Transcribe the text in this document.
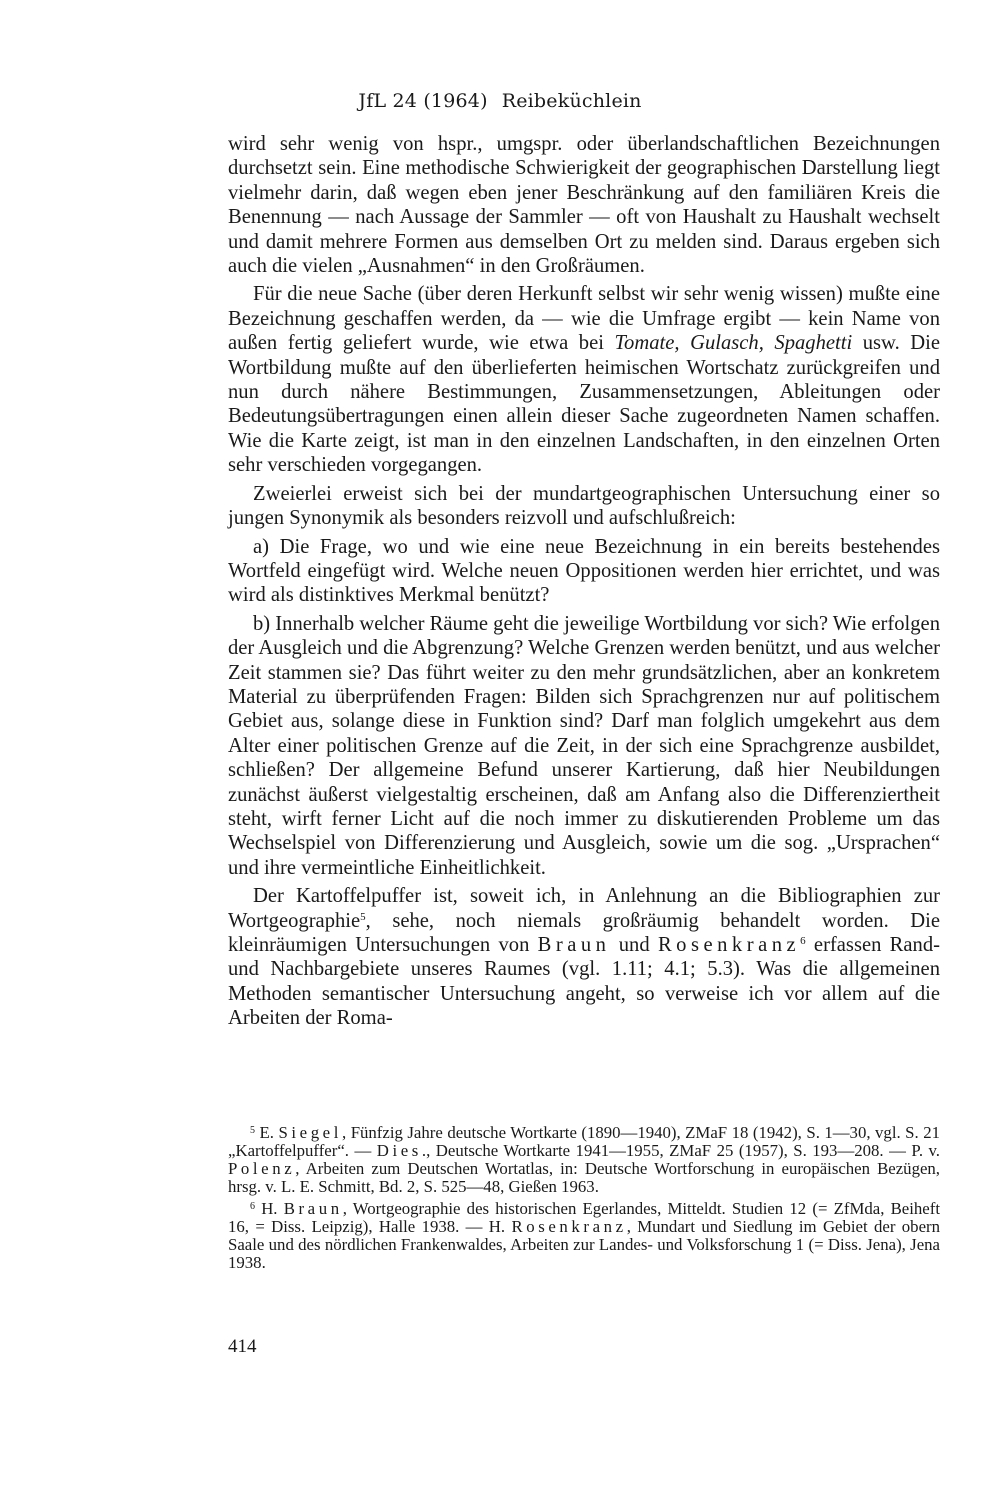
JfL 24 (1964) Reibeküchlein

wird sehr wenig von hspr., umgspr. oder überlandschaftlichen Bezeichnungen durchsetzt sein. Eine methodische Schwierigkeit der geographischen Darstellung liegt vielmehr darin, daß wegen eben jener Beschränkung auf den familiären Kreis die Benennung — nach Aussage der Sammler — oft von Haushalt zu Haushalt wechselt und damit mehrere Formen aus demselben Ort zu melden sind. Daraus ergeben sich auch die vielen „Ausnahmen“ in den Großräumen.

Für die neue Sache (über deren Herkunft selbst wir sehr wenig wissen) mußte eine Bezeichnung geschaffen werden, da — wie die Umfrage ergibt — kein Name von außen fertig geliefert wurde, wie etwa bei Tomate, Gulasch, Spaghetti usw. Die Wortbildung mußte auf den überlieferten heimischen Wortschatz zurückgreifen und nun durch nähere Bestimmungen, Zusammensetzungen, Ableitungen oder Bedeutungsübertragungen einen allein dieser Sache zugeordneten Namen schaffen. Wie die Karte zeigt, ist man in den einzelnen Landschaften, in den einzelnen Orten sehr verschieden vorgegangen.

Zweierlei erweist sich bei der mundartgeographischen Untersuchung einer so jungen Synonymik als besonders reizvoll und aufschlußreich:

a) Die Frage, wo und wie eine neue Bezeichnung in ein bereits bestehendes Wortfeld eingefügt wird. Welche neuen Oppositionen werden hier errichtet, und was wird als distinktives Merkmal benützt?

b) Innerhalb welcher Räume geht die jeweilige Wortbildung vor sich? Wie erfolgen der Ausgleich und die Abgrenzung? Welche Grenzen werden benützt, und aus welcher Zeit stammen sie? Das führt weiter zu den mehr grundsätzlichen, aber an konkretem Material zu überprüfenden Fragen: Bilden sich Sprachgrenzen nur auf politischem Gebiet aus, solange diese in Funktion sind? Darf man folglich umgekehrt aus dem Alter einer politischen Grenze auf die Zeit, in der sich eine Sprachgrenze ausbildet, schließen? Der allgemeine Befund unserer Kartierung, daß hier Neubildungen zunächst äußerst vielgestaltig erscheinen, daß am Anfang also die Differenziertheit steht, wirft ferner Licht auf die noch immer zu diskutierenden Probleme um das Wechselspiel von Differenzierung und Ausgleich, sowie um die sog. „Ursprachen“ und ihre vermeintliche Einheitlichkeit.

Der Kartoffelpuffer ist, soweit ich, in Anlehnung an die Bibliographien zur Wortgeographie$^5$, sehe, noch niemals großräumig behandelt worden. Die kleinräumigen Untersuchungen von Braun und Rosenkranz$^6$ erfassen Rand- und Nachbargebiete unseres Raumes (vgl. 1.11; 4.1; 5.3). Was die allgemeinen Methoden semantischer Untersuchung angeht, so verweise ich vor allem auf die Arbeiten der Roma-

$^5$ E. Siegel, Fünfzig Jahre deutsche Wortkarte (1890—1940), ZMaF 18 (1942), S. 1—30, vgl. S. 21 „Kartoffelpuffer“. — Dies., Deutsche Wortkarte 1941—1955, ZMaF 25 (1957), S. 193—208. — P. v. Polenz, Arbeiten zum Deutschen Wortatlas, in: Deutsche Wortforschung in europäischen Bezügen, hrsg. v. L. E. Schmitt, Bd. 2, S. 525—48, Gießen 1963.

$^6$ H. Braun, Wortgeographie des historischen Egerlandes, Mitteldt. Studien 12 (= ZfMda, Beiheft 16, = Diss. Leipzig), Halle 1938. — H. Rosenkranz, Mundart und Siedlung im Gebiet der obern Saale und des nördlichen Frankenwaldes, Arbeiten zur Landes- und Volksforschung 1 (= Diss. Jena), Jena 1938.

414
